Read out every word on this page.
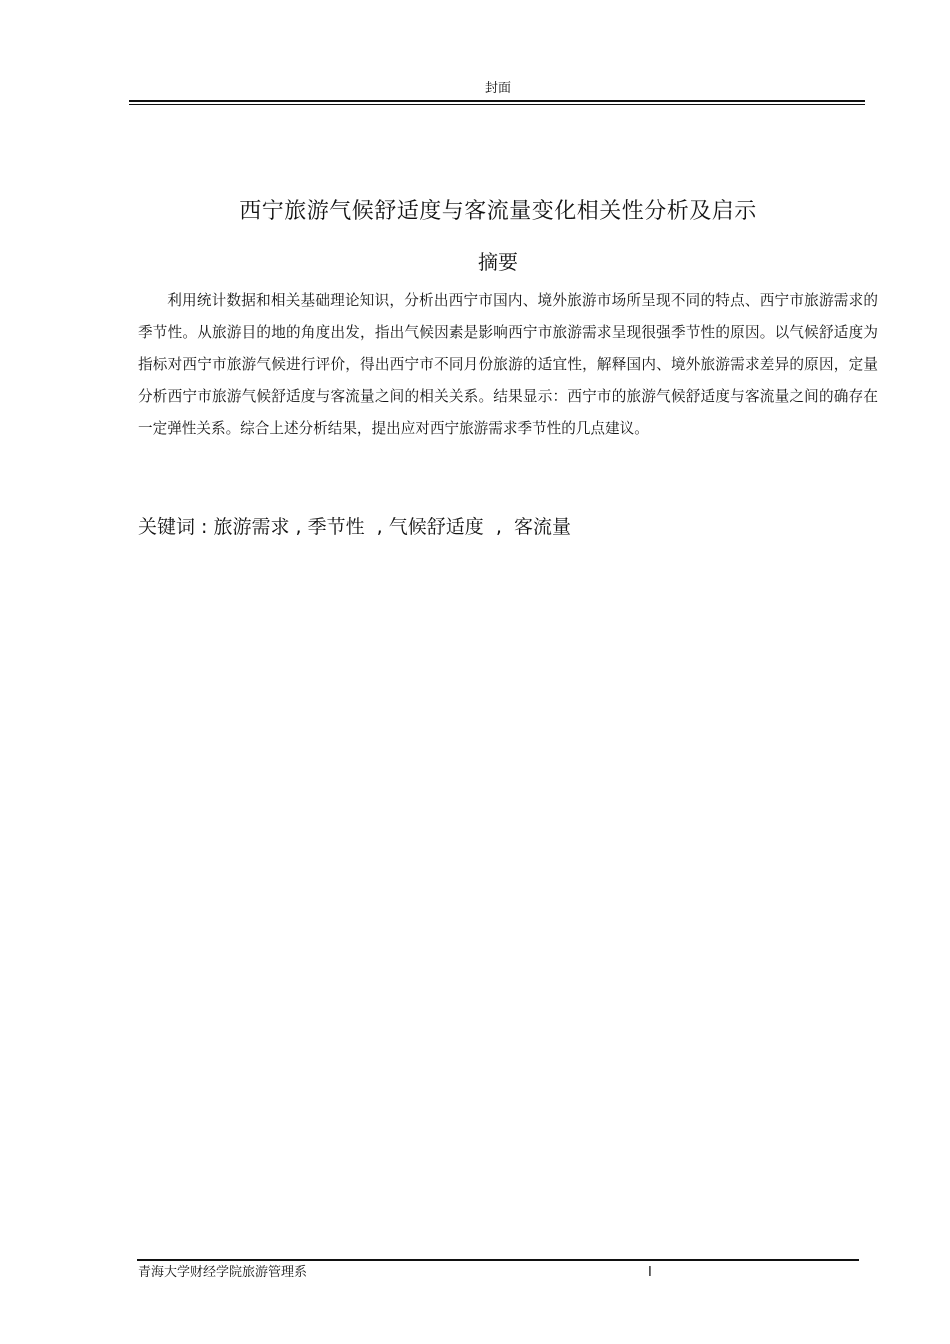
封面
西宁旅游气候舒适度与客流量变化相关性分析及启示
摘要

利用统计数据和相关基础理论知识，分析出西宁市国内、境外旅游市场所呈现不同的特点、西宁市旅游需求的季节性。从旅游目的地的角度出发，指出气候因素是影响西宁市旅游需求呈现很强季节性的原因。以气候舒适度为指标对西宁市旅游气候进行评价，得出西宁市不同月份旅游的适宜性，解释国内、境外旅游需求差异的原因，定量分析西宁市旅游气候舒适度与客流量之间的相关关系。结果显示：西宁市的旅游气候舒适度与客流量之间的确存在一定弹性关系。综合上述分析结果，提出应对西宁旅游需求季节性的几点建议。

关键词 : 旅游需求 , 季节性  , 气候舒适度  ,  客流量
青海大学财经学院旅游管理系	I
